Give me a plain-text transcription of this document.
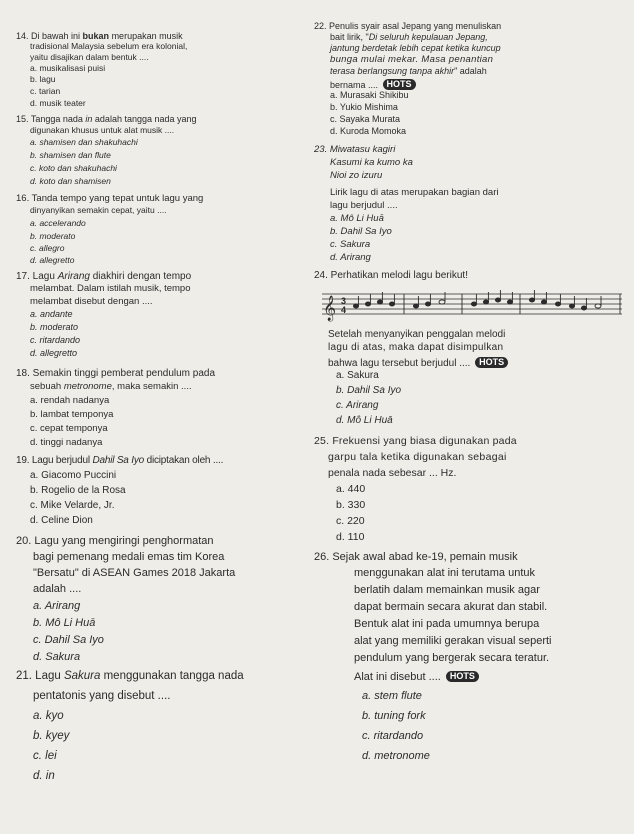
14. Di bawah ini bukan merupakan musik
tradisional Malaysia sebelum era kolonial,
yaitu disajikan dalam bentuk ....
a. musikalisasi puisi
b. lagu
c. tarian
d. musik teater
15. Tangga nada in adalah tangga nada yang
digunakan khusus untuk alat musik ....
a. shamisen dan shakuhachi
b. shamisen dan flute
c. koto dan shakuhachi
d. koto dan shamisen
16. Tanda tempo yang tepat untuk lagu yang
dinyanyikan semakin cepat, yaitu ....
a. accelerando
b. moderato
c. allegro
d. allegretto
17. Lagu Arirang diakhiri dengan tempo
melambat. Dalam istilah musik, tempo
melambat disebut dengan ....
a. andante
b. moderato
c. ritardando
d. allegretto
18. Semakin tinggi pemberat pendulum pada
sebuah metronome, maka semakin ....
a. rendah nadanya
b. lambat temponya
c. cepat temponya
d. tinggi nadanya
19. Lagu berjudul Dahil Sa Iyo diciptakan oleh ....
a. Giacomo Puccini
b. Rogelio de la Rosa
c. Mike Velarde, Jr.
d. Celine Dion
20. Lagu yang mengiringi penghormatan
bagi pemenang medali emas tim Korea
"Bersatu" di ASEAN Games 2018 Jakarta
adalah ....
a. Arirang
b. Mô Li Huā
c. Dahil Sa Iyo
d. Sakura
21. Lagu Sakura menggunakan tangga nada
pentatonis yang disebut ....
a. kyo
b. kyey
c. lei
d. in
22. Penulis syair asal Jepang yang menuliskan
bait lirik, "Di seluruh kepulauan Jepang,
jantung berdetak lebih cepat ketika kuncup
bunga mulai mekar. Masa penantian
terasa berlangsung tanpa akhir" adalah
bernama .... HOTS
a. Murasaki Shikibu
b. Yukio Mishima
c. Sayaka Murata
d. Kuroda Momoka
23. Miwatasu kagiri
Kasumi ka kumo ka
Nioi zo izuru
Lirik lagu di atas merupakan bagian dari
lagu berjudul ....
a. Mô Li Huā
b. Dahil Sa Iyo
c. Sakura
d. Arirang
24. Perhatikan melodi lagu berikut!
𝄞 3
4
Setelah menyanyikan penggalan melodi
lagu di atas, maka dapat disimpulkan
bahwa lagu tersebut berjudul .... HOTS
a. Sakura
b. Dahil Sa Iyo
c. Arirang
d. Mô Li Huā
25. Frekuensi yang biasa digunakan pada
garpu tala ketika digunakan sebagai
penala nada sebesar ... Hz.
a. 440
b. 330
c. 220
d. 110
26. Sejak awal abad ke-19, pemain musik
menggunakan alat ini terutama untuk
berlatih dalam memainkan musik agar
dapat bermain secara akurat dan stabil.
Bentuk alat ini pada umumnya berupa
alat yang memiliki gerakan visual seperti
pendulum yang bergerak secara teratur.
Alat ini disebut .... HOTS
a. stem flute
b. tuning fork
c. ritardando
d. metronome
